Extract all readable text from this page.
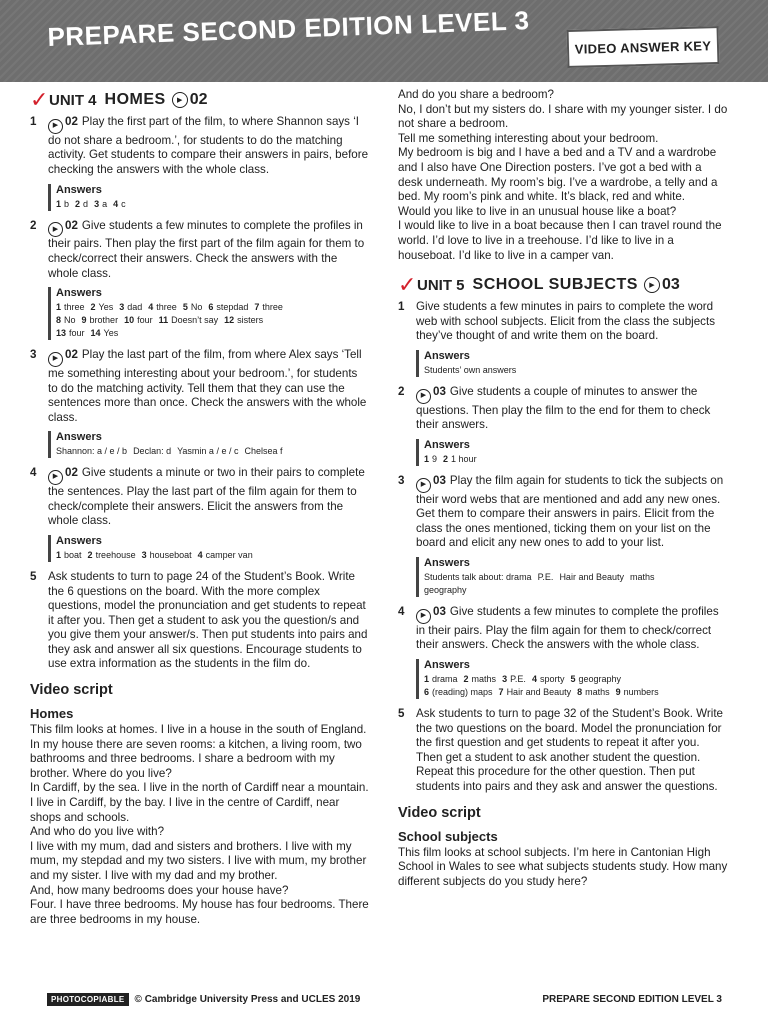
PREPARE SECOND EDITION LEVEL 3	VIDEO ANSWER KEY
✓ UNIT 4 HOMES	▶ 02
1	▶ 02 Play the first part of the film, to where Shannon says ‘I do not share a bedroom.’, for students to do the matching activity. Get students to compare their answers in pairs, before checking the answers with the whole class.
Answers
1 b 2 d 3 a 4 c
2	▶ 02 Give students a few minutes to complete the profiles in their pairs. Then play the first part of the film again for them to check/correct their answers. Check the answers with the whole class.
Answers
1 three 2 Yes 3 dad 4 three 5 No 6 stepdad 7 three
8 No 9 brother 10 four 11 Doesn’t say 12 sisters
13 four 14 Yes
3	▶ 02 Play the last part of the film, from where Alex says ‘Tell me something interesting about your bedroom.’, for students to do the matching activity. Tell them that they can use the sentences more than once. Check the answers with the whole class.
Answers
Shannon: a / e / b Declan: d Yasmin a / e / c Chelsea f
4	▶ 02 Give students a minute or two in their pairs to complete the sentences. Play the last part of the film again for them to check/complete their answers. Elicit the answers from the whole class.
Answers
1 boat 2 treehouse 3 houseboat 4 camper van
5 Ask students to turn to page 24 of the Student’s Book. Write the 6 questions on the board. With the more complex questions, model the pronunciation and get students to repeat it after you. Then get a student to ask you the question/s and you give them your answer/s. Then put students into pairs and they ask and answer all six questions. Encourage students to use extra information as the students in the film do.
Video script
Homes
This film looks at homes. I live in a house in the south of England. In my house there are seven rooms: a kitchen, a living room, two bathrooms and three bedrooms. I share a bedroom with my brother. Where do you live?
In Cardiff, by the sea. I live in the north of Cardiff near a mountain. I live in Cardiff, by the bay. I live in the centre of Cardiff, near shops and schools.
And who do you live with?
I live with my mum, dad and sisters and brothers. I live with my mum, my stepdad and my two sisters. I live with mum, my brother and my sister. I live with my dad and my brother.
And, how many bedrooms does your house have?
Four. I have three bedrooms. My house has four bedrooms. There are three bedrooms in my house.
And do you share a bedroom?
No, I don’t but my sisters do. I share with my younger sister. I do not share a bedroom.
Tell me something interesting about your bedroom.
My bedroom is big and I have a bed and a TV and a wardrobe and I also have One Direction posters. I’ve got a bed with a desk underneath. My room’s big. I’ve a wardrobe, a telly and a bed. My room’s pink and white. It’s black, red and white.
Would you like to live in an unusual house like a boat?
I would like to live in a boat because then I can travel round the world. I’d love to live in a treehouse. I’d like to live in a houseboat. I’d like to live in a camper van.
✓ UNIT 5 SCHOOL SUBJECTS	▶ 03
1 Give students a few minutes in pairs to complete the word web with school subjects. Elicit from the class the subjects they’ve thought of and write them on the board.
Answers
Students’ own answers
2	▶ 03 Give students a couple of minutes to answer the questions. Then play the film to the end for them to check their answers.
Answers
1 9 2 1 hour
3	▶ 03 Play the film again for students to tick the subjects on their word webs that are mentioned and add any new ones. Get them to compare their answers in pairs. Elicit from the class the ones mentioned, ticking them on your list on the board and elicit any new ones to add to your list.
Answers
Students talk about: drama P.E. Hair and Beauty maths
geography
4	▶ 03 Give students a few minutes to complete the profiles in their pairs. Play the film again for them to check/correct their answers. Check the answers with the whole class.
Answers
1 drama 2 maths 3 P.E. 4 sporty 5 geography
6 (reading) maps 7 Hair and Beauty 8 maths 9 numbers
5 Ask students to turn to page 32 of the Student’s Book. Write the two questions on the board. Model the pronunciation for the first question and get students to repeat it after you. Then get a student to ask another student the question. Repeat this procedure for the other question. Then put students into pairs and they ask and answer the questions.
Video script
School subjects
This film looks at school subjects. I’m here in Cantonian High School in Wales to see what subjects students study. How many different subjects do you study here?
PHOTOCOPIABLE	© Cambridge University Press and UCLES 2019	PREPARE SECOND EDITION LEVEL 3
